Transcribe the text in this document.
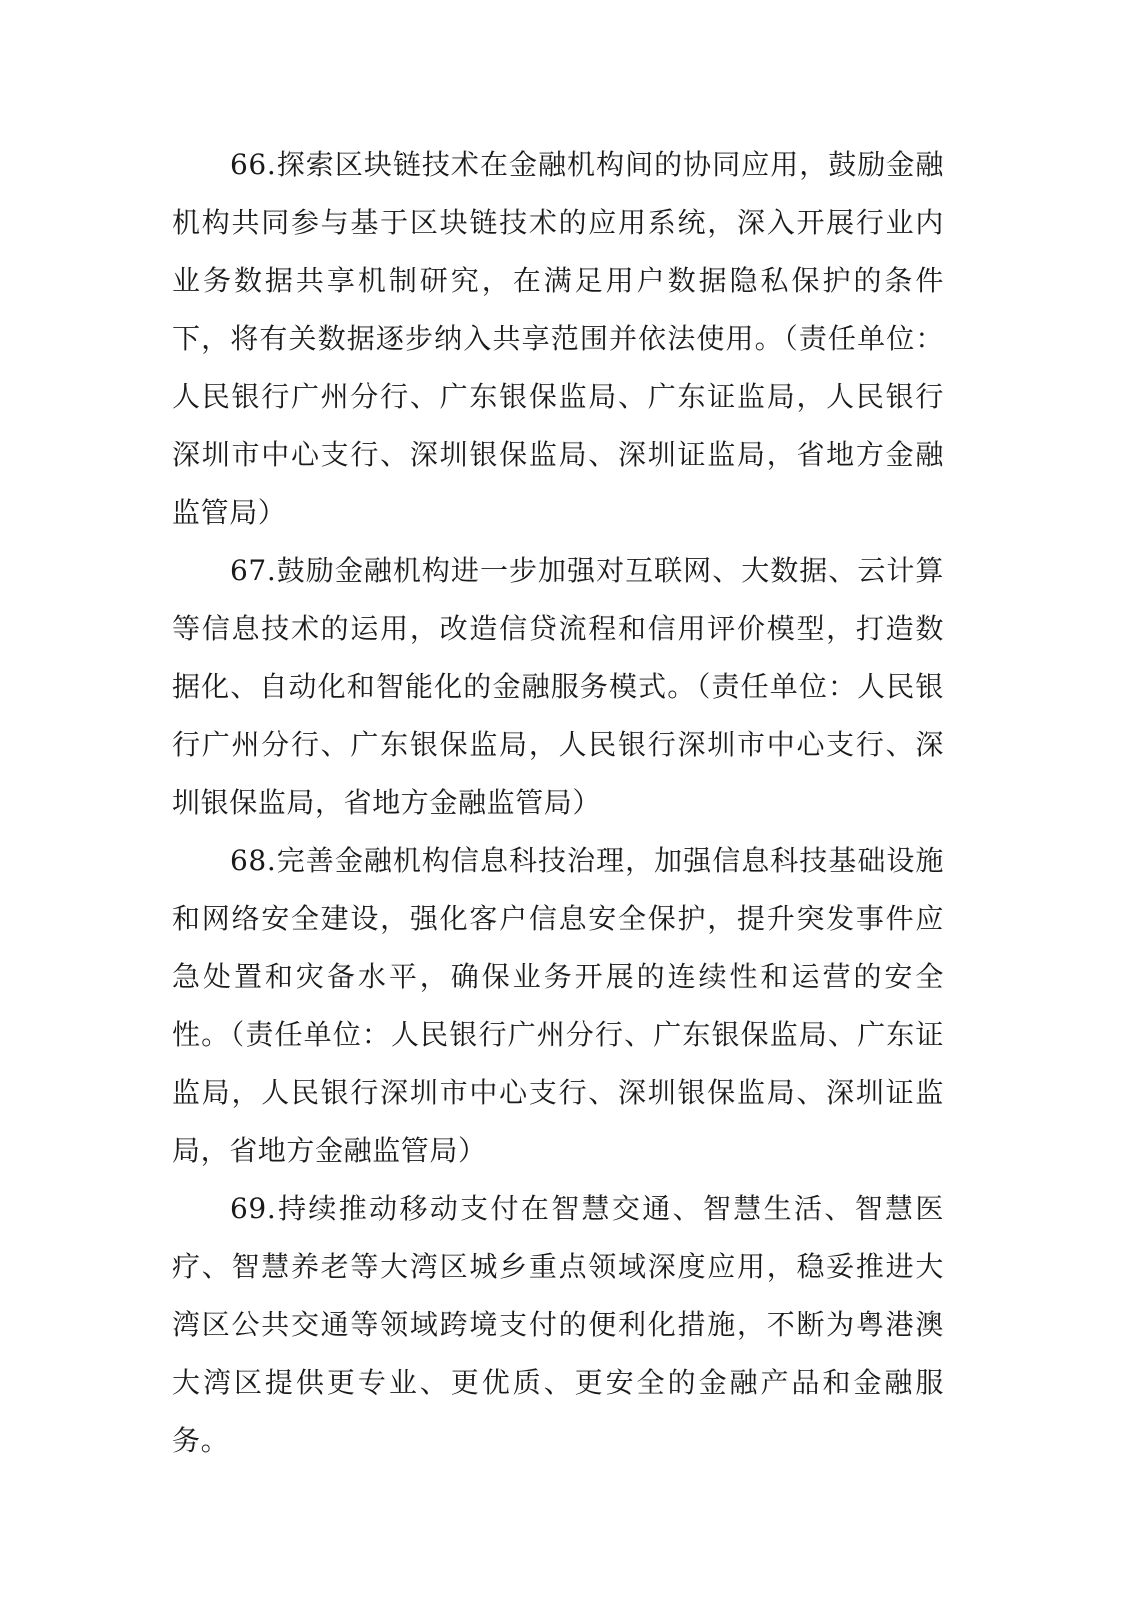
66.探索区块链技术在金融机构间的协同应用，鼓励金融机构共同参与基于区块链技术的应用系统，深入开展行业内业务数据共享机制研究，在满足用户数据隐私保护的条件下，将有关数据逐步纳入共享范围并依法使用。（责任单位：人民银行广州分行、广东银保监局、广东证监局，人民银行深圳市中心支行、深圳银保监局、深圳证监局，省地方金融监管局）

67.鼓励金融机构进一步加强对互联网、大数据、云计算等信息技术的运用，改造信贷流程和信用评价模型，打造数据化、自动化和智能化的金融服务模式。（责任单位：人民银行广州分行、广东银保监局，人民银行深圳市中心支行、深圳银保监局，省地方金融监管局）

68.完善金融机构信息科技治理，加强信息科技基础设施和网络安全建设，强化客户信息安全保护，提升突发事件应急处置和灾备水平，确保业务开展的连续性和运营的安全性。（责任单位：人民银行广州分行、广东银保监局、广东证监局，人民银行深圳市中心支行、深圳银保监局、深圳证监局，省地方金融监管局）

69.持续推动移动支付在智慧交通、智慧生活、智慧医疗、智慧养老等大湾区城乡重点领域深度应用，稳妥推进大湾区公共交通等领域跨境支付的便利化措施，不断为粤港澳大湾区提供更专业、更优质、更安全的金融产品和金融服务。
